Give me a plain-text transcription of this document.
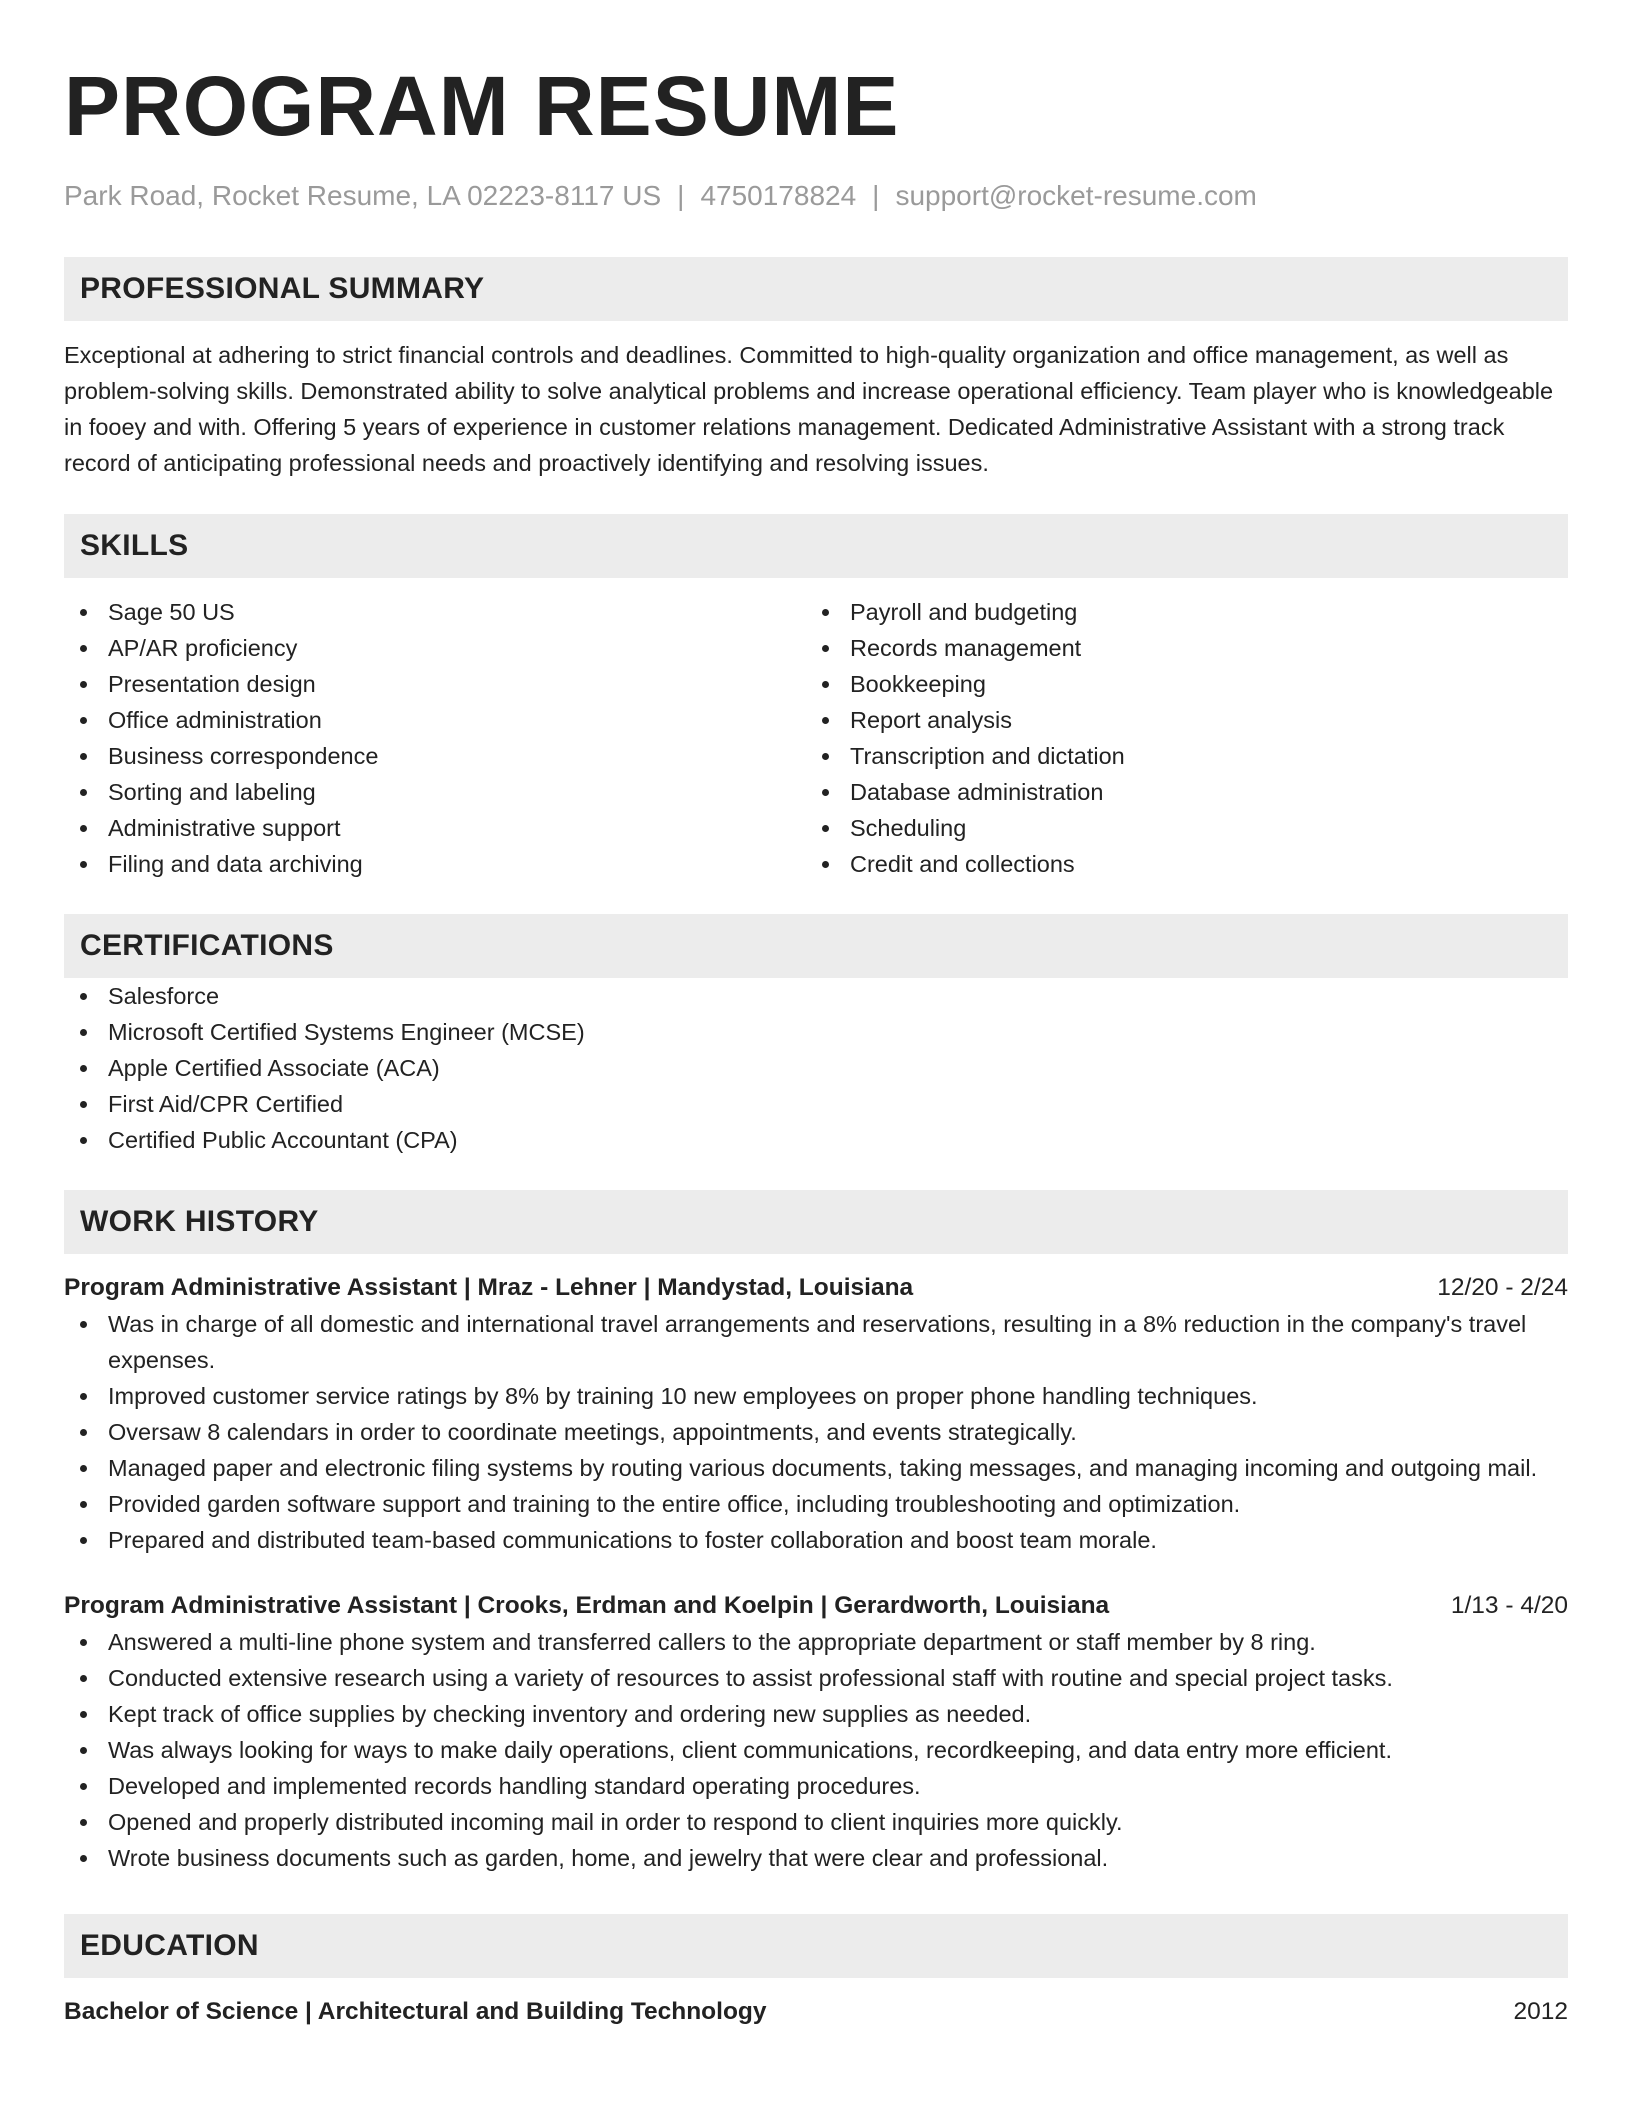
PROGRAM RESUME
Park Road, Rocket Resume, LA 02223-8117 US | 4750178824 | support@rocket-resume.com
PROFESSIONAL SUMMARY

Exceptional at adhering to strict financial controls and deadlines. Committed to high-quality organization and office management, as well as problem-solving skills. Demonstrated ability to solve analytical problems and increase operational efficiency. Team player who is knowledgeable in fooey and with. Offering 5 years of experience in customer relations management. Dedicated Administrative Assistant with a strong track record of anticipating professional needs and proactively identifying and resolving issues.

SKILLS
Sage 50 US
AP/AR proficiency
Presentation design
Office administration
Business correspondence
Sorting and labeling
Administrative support
Filing and data archiving
Payroll and budgeting
Records management
Bookkeeping
Report analysis
Transcription and dictation
Database administration
Scheduling
Credit and collections
CERTIFICATIONS
Salesforce
Microsoft Certified Systems Engineer (MCSE)
Apple Certified Associate (ACA)
First Aid/CPR Certified
Certified Public Accountant (CPA)
WORK HISTORY
Program Administrative Assistant | Mraz - Lehner | Mandystad, Louisiana	12/20 - 2/24
Was in charge of all domestic and international travel arrangements and reservations, resulting in a 8% reduction in the company's travel expenses.
Improved customer service ratings by 8% by training 10 new employees on proper phone handling techniques.
Oversaw 8 calendars in order to coordinate meetings, appointments, and events strategically.
Managed paper and electronic filing systems by routing various documents, taking messages, and managing incoming and outgoing mail.
Provided garden software support and training to the entire office, including troubleshooting and optimization.
Prepared and distributed team-based communications to foster collaboration and boost team morale.
Program Administrative Assistant | Crooks, Erdman and Koelpin | Gerardworth, Louisiana	1/13 - 4/20
Answered a multi-line phone system and transferred callers to the appropriate department or staff member by 8 ring.
Conducted extensive research using a variety of resources to assist professional staff with routine and special project tasks.
Kept track of office supplies by checking inventory and ordering new supplies as needed.
Was always looking for ways to make daily operations, client communications, recordkeeping, and data entry more efficient.
Developed and implemented records handling standard operating procedures.
Opened and properly distributed incoming mail in order to respond to client inquiries more quickly.
Wrote business documents such as garden, home, and jewelry that were clear and professional.
EDUCATION
Bachelor of Science | Architectural and Building Technology	2012
